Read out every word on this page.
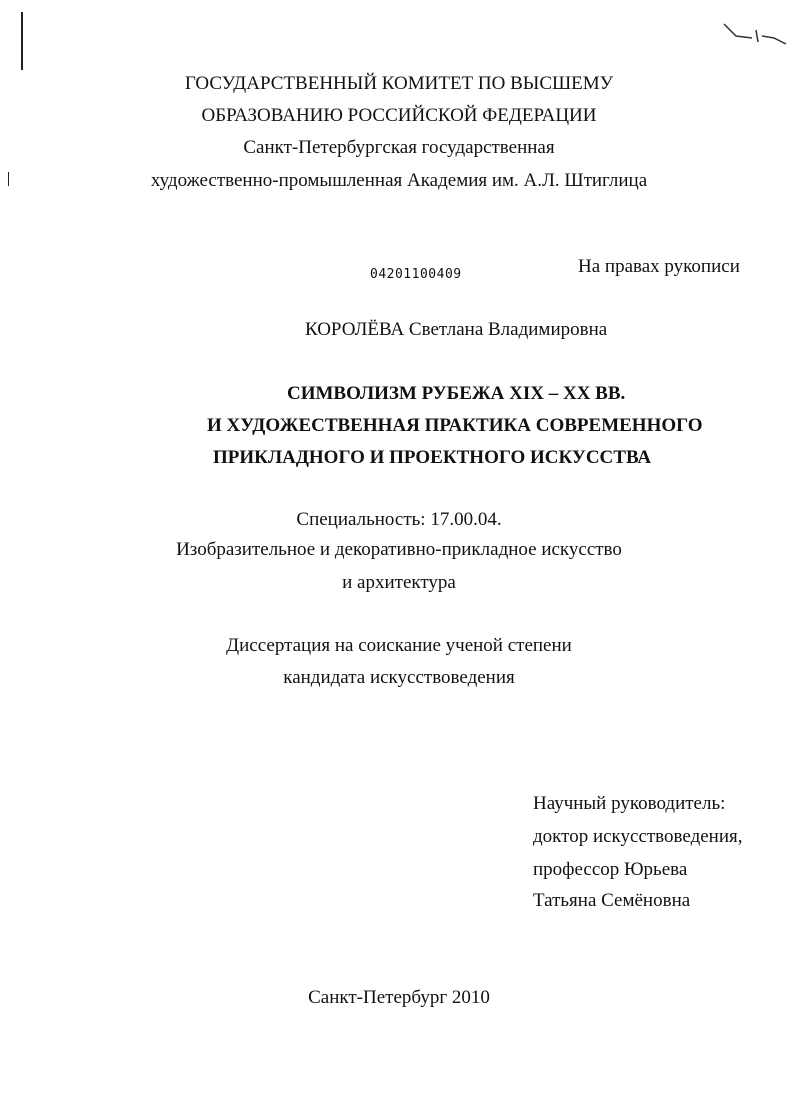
ГОСУДАРСТВЕННЫЙ КОМИТЕТ ПО ВЫСШЕМУ
ОБРАЗОВАНИЮ РОССИЙСКОЙ ФЕДЕРАЦИИ
Санкт-Петербургская государственная
художественно-промышленная Академия им. А.Л. Штиглица
04201100409	На правах рукописи
КОРОЛЁВА Светлана Владимировна
СИМВОЛИЗМ РУБЕЖА XIX – XX ВВ.
И ХУДОЖЕСТВЕННАЯ ПРАКТИКА СОВРЕМЕННОГО
ПРИКЛАДНОГО И ПРОЕКТНОГО ИСКУССТВА
Специальность: 17.00.04.
Изобразительное и декоративно-прикладное искусство
и архитектура
Диссертация на соискание ученой степени
кандидата искусствоведения
Научный руководитель:
доктор искусствоведения,
профессор Юрьева
Татьяна Семёновна
Санкт-Петербург 2010
